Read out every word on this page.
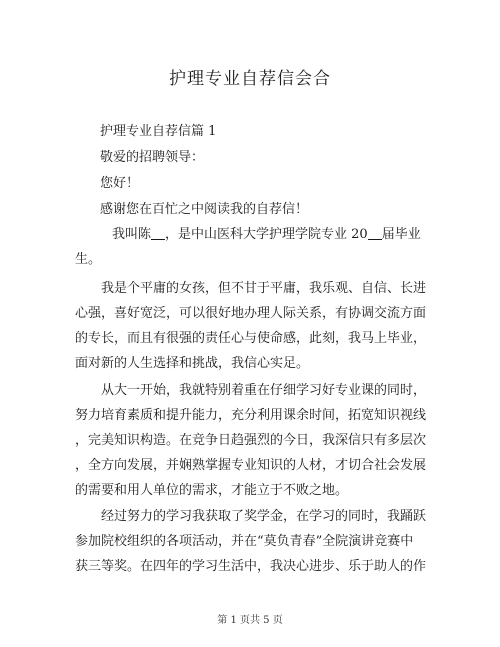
护理专业自荐信会合
护理专业自荐信篇 1
敬爱的招聘领导：
您好！
感谢您在百忙之中阅读我的自荐信！
我叫陈 ，是中山医科大学护理学院专业 20 届毕业
生。
我是个平庸的女孩，但不甘于平庸，我乐观、自信、长进
心强，喜好宽泛，可以很好地办理人际关系，有协调交流方面
的专长，而且有很强的责任心与使命感，此刻，我马上毕业，
面对新的人生选择和挑战，我信心实足。
从大一开始，我就特别着重在仔细学习好专业课的同时，
努力培育素质和提升能力，充分利用课余时间，拓宽知识视线
，完美知识构造。在竞争日趋强烈的今日，我深信只有多层次
，全方向发展，并娴熟掌握专业知识的人材，才切合社会发展
的需要和用人单位的需求，才能立于不败之地。
经过努力的学习我获取了奖学金，在学习的同时，我踊跃
参加院校组织的各项活动，并在“莫负青春”全院演讲竞赛中
获三等奖。在四年的学习生活中，我决心进步、乐于助人的作
第 1 页共 5 页
